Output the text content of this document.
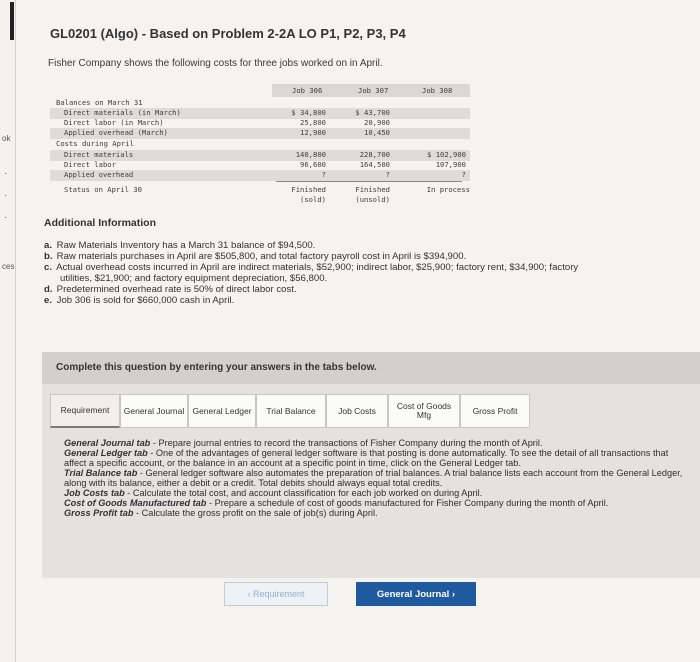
ok
ces
·
·
·
GL0201 (Algo) - Based on Problem 2-2A LO P1, P2, P3, P4
Fisher Company shows the following costs for three jobs worked on in April.
Job 306	Job 307	Job 308
Balances on March 31
Direct materials (in March)	$ 34,800	$ 43,700
Direct labor (in March)	25,800	20,900
Applied overhead (March)	12,900	10,450
Costs during April
Direct materials	140,800	228,700	$ 102,900
Direct labor	96,600	164,500	107,900
Applied overhead	?	?	?
Status on April 30	Finished	Finished	In process
(sold)	(unsold)
Additional Information
a. Raw Materials Inventory has a March 31 balance of $94,500.
b. Raw materials purchases in April are $505,800, and total factory payroll cost in April is $394,900.
c. Actual overhead costs incurred in April are indirect materials, $52,900; indirect labor, $25,900; factory rent, $34,900; factory
utilities, $21,900; and factory equipment depreciation, $56,800.
d. Predetermined overhead rate is 50% of direct labor cost.
e. Job 306 is sold for $660,000 cash in April.
Complete this question by entering your answers in the tabs below.
Requirement	General Journal General Ledger	Trial Balance	Job Costs	Cost of Goods Mfg	Gross Profit
General Journal tab - Prepare journal entries to record the transactions of Fisher Company during the month of April.
General Ledger tab - One of the advantages of general ledger software is that posting is done automatically. To see the detail of all transactions that affect a specific account, or the balance in an account at a specific point in time, click on the General Ledger tab.
Trial Balance tab - General ledger software also automates the preparation of trial balances. A trial balance lists each account from the General Ledger, along with its balance, either a debit or a credit. Total debits should always equal total credits.
Job Costs tab - Calculate the total cost, and account classification for each job worked on during April.
Cost of Goods Manufactured tab - Prepare a schedule of cost of goods manufactured for Fisher Company during the month of April.
Gross Profit tab - Calculate the gross profit on the sale of job(s) during April.
‹ Requirement	General Journal ›
